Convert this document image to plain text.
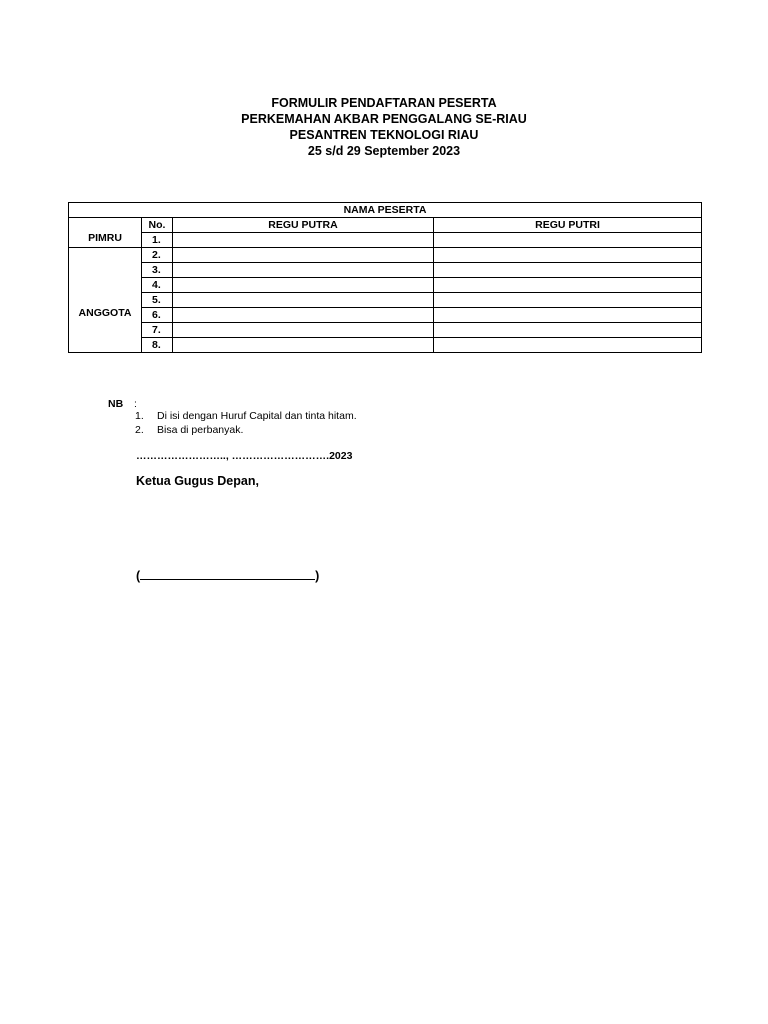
FORMULIR PENDAFTARAN PESERTA
PERKEMAHAN AKBAR PENGGALANG SE-RIAU
PESANTREN TEKNOLOGI RIAU
25 s/d 29 September 2023
NAMA PESERTA			
PIMRU	No.	REGU PUTRA	REGU PUTRI
	1.		
ANGGOTA	2.		
	3.		
	4.		
	5.		
	6.		
	7.		
	8.		
NB :
1. Di isi dengan Huruf Capital dan tinta hitam.
2. Bisa di perbanyak.
…………………….., ……………………….2023
Ketua Gugus Depan,
(	)
